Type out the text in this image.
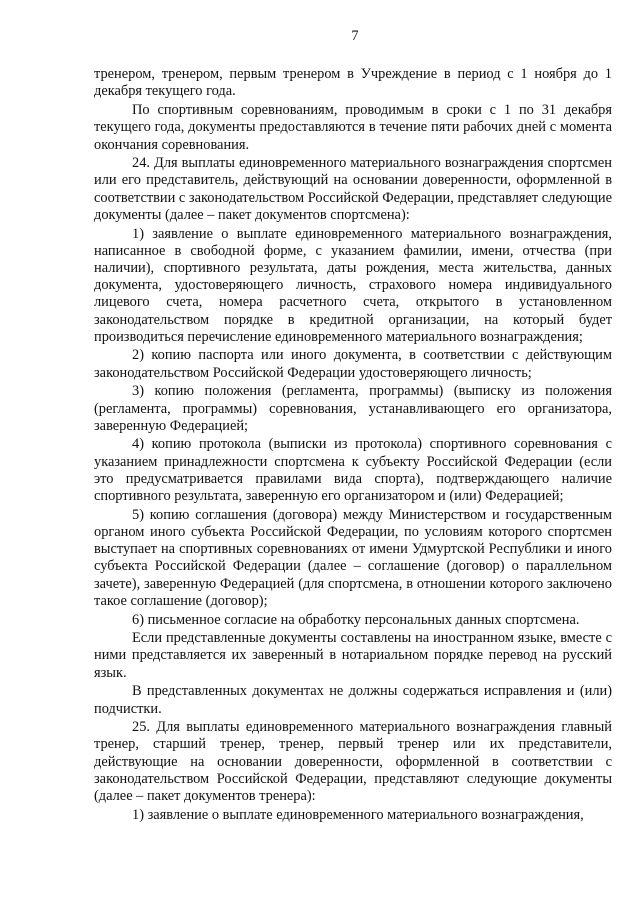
7

тренером, тренером, первым тренером в Учреждение в период с 1 ноября до 1 декабря текущего года.

По спортивным соревнованиям, проводимым в сроки с 1 по 31 декабря текущего года, документы предоставляются в течение пяти рабочих дней с момента окончания соревнования.

24. Для выплаты единовременного материального вознаграждения спортсмен или его представитель, действующий на основании доверенности, оформленной в соответствии с законодательством Российской Федерации, представляет следующие документы (далее – пакет документов спортсмена):

1) заявление о выплате единовременного материального вознаграждения, написанное в свободной форме, с указанием фамилии, имени, отчества (при наличии), спортивного результата, даты рождения, места жительства, данных документа, удостоверяющего личность, страхового номера индивидуального лицевого счета, номера расчетного счета, открытого в установленном законодательством порядке в кредитной организации, на который будет производиться перечисление единовременного материального вознаграждения;

2) копию паспорта или иного документа, в соответствии с действующим законодательством Российской Федерации удостоверяющего личность;

3) копию положения (регламента, программы) (выписку из положения (регламента, программы) соревнования, устанавливающего его организатора, заверенную Федерацией;

4) копию протокола (выписки из протокола) спортивного соревнования с указанием принадлежности спортсмена к субъекту Российской Федерации (если это предусматривается правилами вида спорта), подтверждающего наличие спортивного результата, заверенную его организатором и (или) Федерацией;

5) копию соглашения (договора) между Министерством и государственным органом иного субъекта Российской Федерации, по условиям которого спортсмен выступает на спортивных соревнованиях от имени Удмуртской Республики и иного субъекта Российской Федерации (далее – соглашение (договор) о параллельном зачете), заверенную Федерацией (для спортсмена, в отношении которого заключено такое соглашение (договор);

6) письменное согласие на обработку персональных данных спортсмена.

Если представленные документы составлены на иностранном языке, вместе с ними представляется их заверенный в нотариальном порядке перевод на русский язык.

В представленных документах не должны содержаться исправления и (или) подчистки.

25. Для выплаты единовременного материального вознаграждения главный тренер, старший тренер, тренер, первый тренер или их представители, действующие на основании доверенности, оформленной в соответствии с законодательством Российской Федерации, представляют следующие документы (далее – пакет документов тренера):

1) заявление о выплате единовременного материального вознаграждения,
